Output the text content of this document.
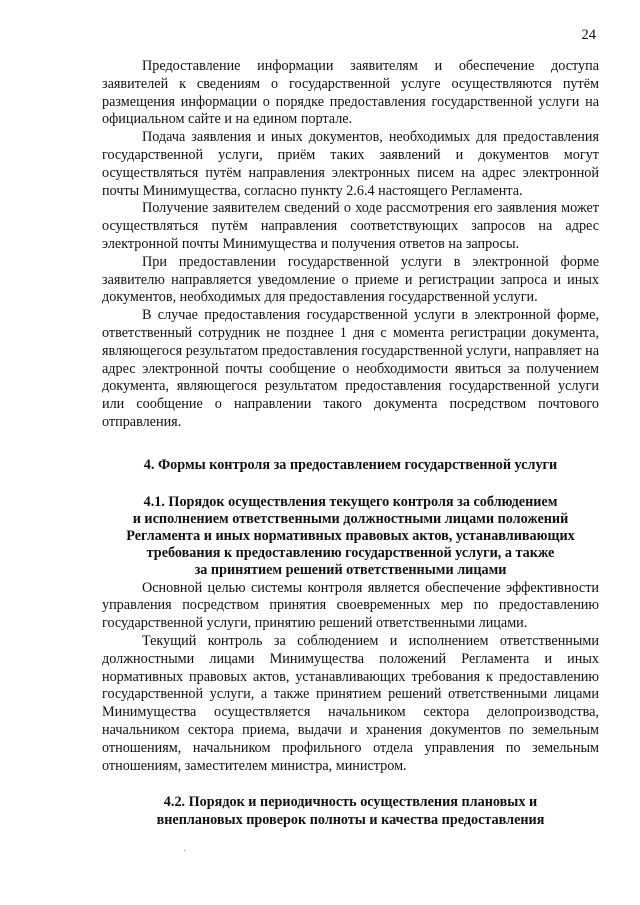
24

Предоставление информации заявителям и обеспечение доступа заявителей к сведениям о государственной услуге осуществляются путём размещения информации о порядке предоставления государственной услуги на официальном сайте и на едином портале.

Подача заявления и иных документов, необходимых для предоставления государственной услуги, приём таких заявлений и документов могут осуществляться путём направления электронных писем на адрес электронной почты Минимущества, согласно пункту 2.6.4 настоящего Регламента.

Получение заявителем сведений о ходе рассмотрения его заявления может осуществляться путём направления соответствующих запросов на адрес электронной почты Минимущества и получения ответов на запросы.

При предоставлении государственной услуги в электронной форме заявителю направляется уведомление о приеме и регистрации запроса и иных документов, необходимых для предоставления государственной услуги.

В случае предоставления государственной услуги в электронной форме, ответственный сотрудник не позднее 1 дня с момента регистрации документа, являющегося результатом предоставления государственной услуги, направляет на адрес электронной почты сообщение о необходимости явиться за получением документа, являющегося результатом предоставления государственной услуги или сообщение о направлении такого документа посредством почтового отправления.

4. Формы контроля за предоставлением государственной услуги

4.1. Порядок осуществления текущего контроля за соблюдением
и исполнением ответственными должностными лицами положений
Регламента и иных нормативных правовых актов, устанавливающих
требования к предоставлению государственной услуги, а также
за принятием решений ответственными лицами

Основной целью системы контроля является обеспечение эффективности управления посредством принятия своевременных мер по предоставлению государственной услуги, принятию решений ответственными лицами.

Текущий контроль за соблюдением и исполнением ответственными должностными лицами Минимущества положений Регламента и иных нормативных правовых актов, устанавливающих требования к предоставлению государственной услуги, а также принятием решений ответственными лицами Минимущества осуществляется начальником сектора делопроизводства, начальником сектора приема, выдачи и хранения документов по земельным отношениям, начальником профильного отдела управления по земельным отношениям, заместителем министра, министром.

4.2. Порядок и периодичность осуществления плановых и
внеплановых проверок полноты и качества предоставления
